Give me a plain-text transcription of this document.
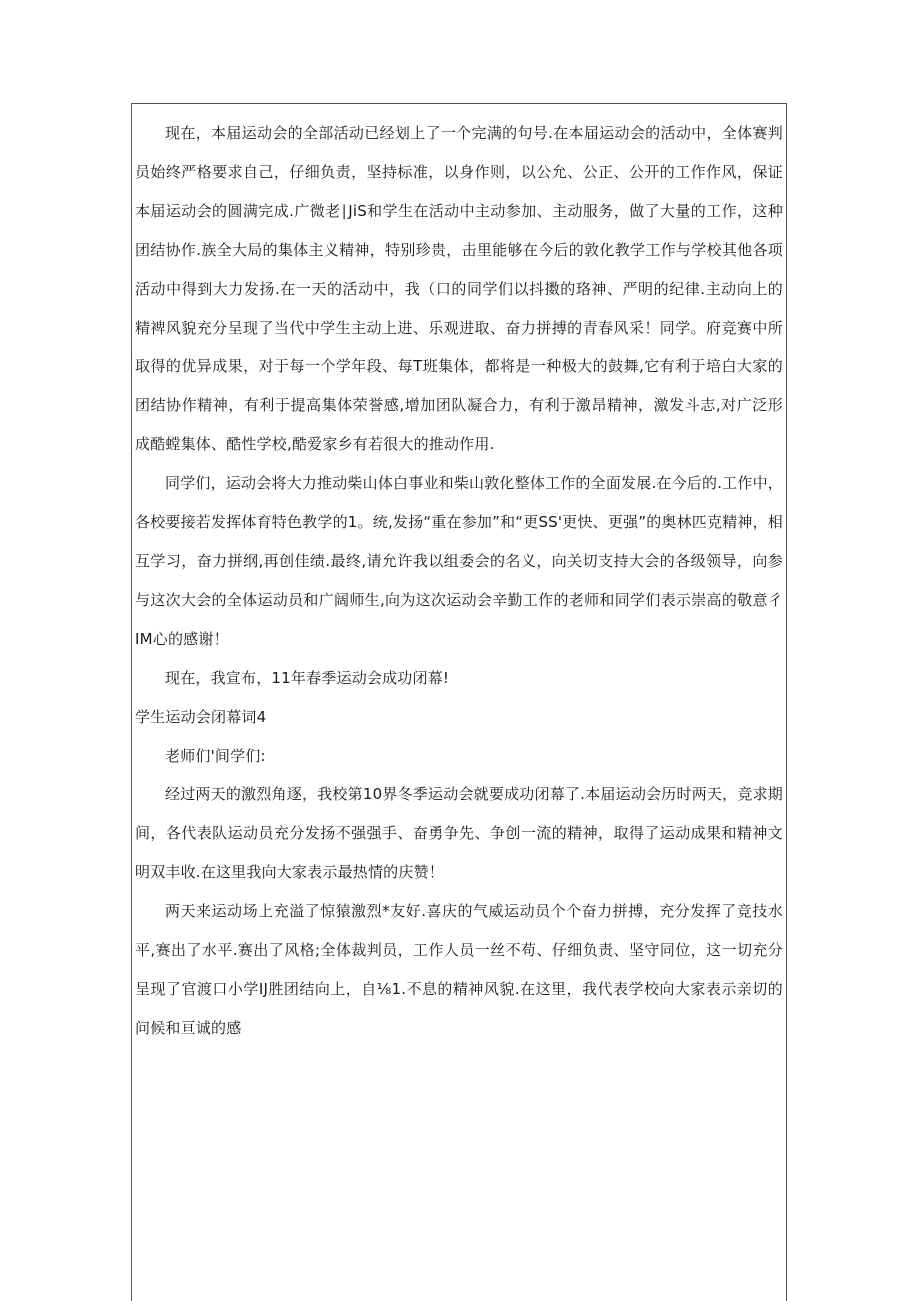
现在，本届运动会的全部活动已经划上了一个完满的句号.在本届运动会的活动中，全体赛判员始终严格要求自己，仔细负责，坚持标准，以身作则，以公允、公正、公开的工作作风，保证本届运动会的圆满完成.广微老∣JiS和学生在活动中主动参加、主动服务，做了大量的工作，这种团结协作.族全大局的集体主义精神，特别珍贵，击里能够在今后的敦化教学工作与学校其他各项活动中得到大力发扬.在一天的活动中，我（口的同学们以抖擞的珞神、严明的纪律.主动向上的精裨风貌充分呈现了当代中学生主动上进、乐观进取、奋力拼搏的青春风采！同学。府竞赛中所取得的优异成果，对于每一个学年段、每T班集体，都将是一种极大的鼓舞,它有利于培白大家的团结协作精神，有利于提高集体荣誉感,增加团队凝合力，有利于激昂精神，激发斗志,对广泛形成酷螳集体、酷性学校,酷爱家乡有若很大的推动作用.

同学们，运动会将大力推动柴山体白事业和柴山敦化整体工作的全面发展.在今后的.工作中，各校要接若发挥体育特色教学的1。统,发扬“重在参加”和“更SS'更快、更强”的奥林匹克精神，相互学习，奋力拼纲,再创佳绩.最终,请允许我以组委会的名义，向关切支持大会的各级领导，向参与这次大会的全体运动员和广阔师生,向为这次运动会辛勤工作的老师和同学们表示崇高的敬意彳IM心的感谢！

现在，我宣布，11年春季运动会成功闭幕!

学生运动会闭幕词4

老师们'间学们:

经过两天的激烈角逐，我校第10界冬季运动会就要成功闭幕了.本届运动会历时两天，竞求期间，各代表队运动员充分发扬不强强手、奋勇争先、争创一流的精神，取得了运动成果和精神文明双丰收.在这里我向大家表示最热情的庆赞！

两天来运动场上充溢了惊猿激烈*友好.喜庆的气威运动员个个奋力拼搏，充分发挥了竞技水平,赛出了水平.赛出了风格;全体裁判员，工作人员一丝不苟、仔细负责、坚守同位，这一切充分呈现了官渡口小学IJ胜团结向上，自⅛1.不息的精神风貌.在这里，我代表学校向大家表示亲切的问候和亘诚的感
